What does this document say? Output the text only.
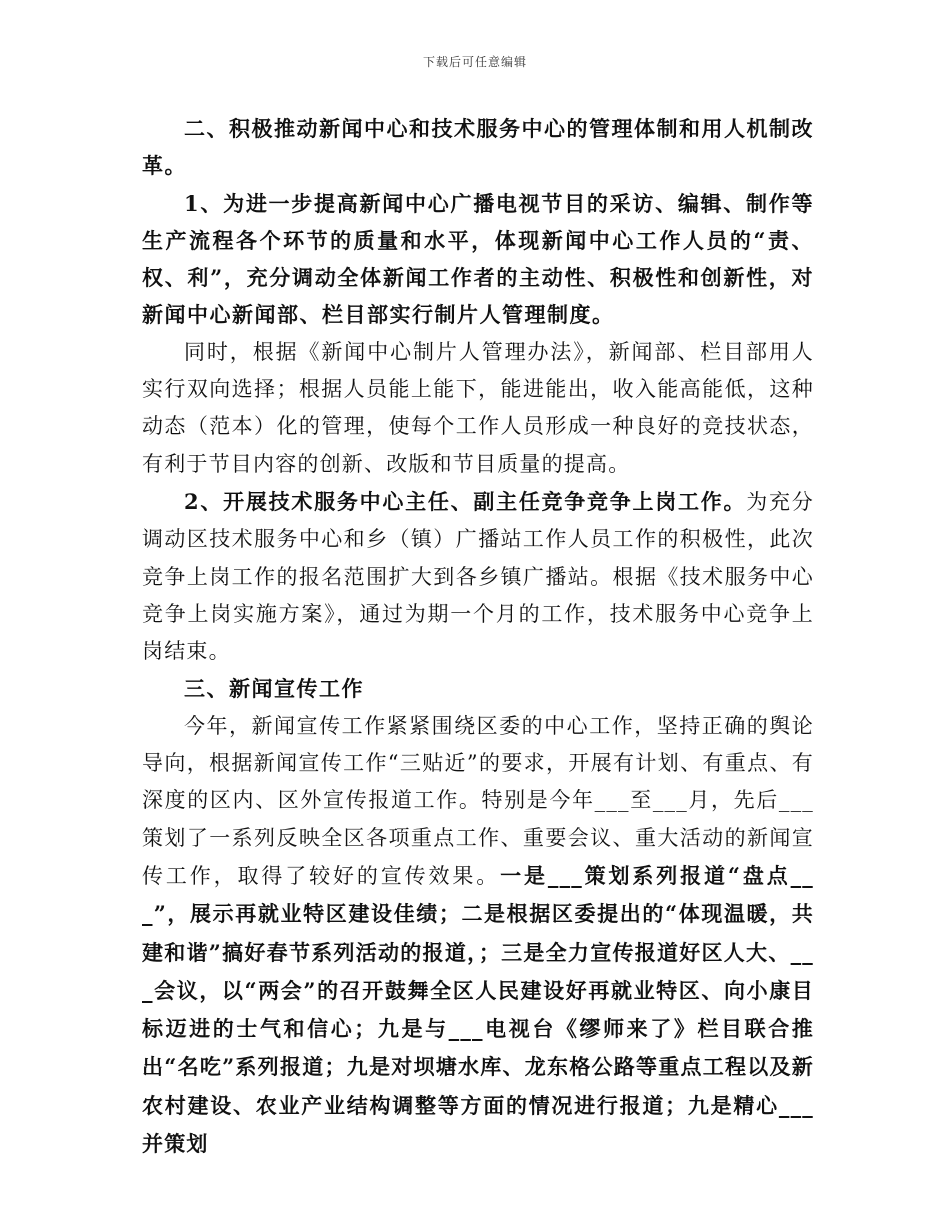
下载后可任意编辑

二、积极推动新闻中心和技术服务中心的管理体制和用人机制改革。

1、为进一步提高新闻中心广播电视节目的采访、编辑、制作等生产流程各个环节的质量和水平，体现新闻中心工作人员的“责、权、利”，充分调动全体新闻工作者的主动性、积极性和创新性，对新闻中心新闻部、栏目部实行制片人管理制度。

同时，根据《新闻中心制片人管理办法》，新闻部、栏目部用人实行双向选择；根据人员能上能下，能进能出，收入能高能低，这种动态（范本）化的管理，使每个工作人员形成一种良好的竞技状态，有利于节目内容的创新、改版和节目质量的提高。

2、开展技术服务中心主任、副主任竞争竞争上岗工作。为充分调动区技术服务中心和乡（镇）广播站工作人员工作的积极性，此次竞争上岗工作的报名范围扩大到各乡镇广播站。根据《技术服务中心竞争上岗实施方案》，通过为期一个月的工作，技术服务中心竞争上岗结束。

三、新闻宣传工作

今年，新闻宣传工作紧紧围绕区委的中心工作，坚持正确的舆论导向，根据新闻宣传工作“三贴近”的要求，开展有计划、有重点、有深度的区内、区外宣传报道工作。特别是今年___至___月，先后___策划了一系列反映全区各项重点工作、重要会议、重大活动的新闻宣传工作，取得了较好的宣传效果。一是___策划系列报道“盘点___”，展示再就业特区建设佳绩；二是根据区委提出的“体现温暖，共建和谐”搞好春节系列活动的报道，；三是全力宣传报道好区人大、___会议，以“两会”的召开鼓舞全区人民建设好再就业特区、向小康目标迈进的士气和信心；九是与___电视台《缪师来了》栏目联合推出“名吃”系列报道；九是对坝塘水库、龙东格公路等重点工程以及新农村建设、农业产业结构调整等方面的情况进行报道；九是精心___并策划
